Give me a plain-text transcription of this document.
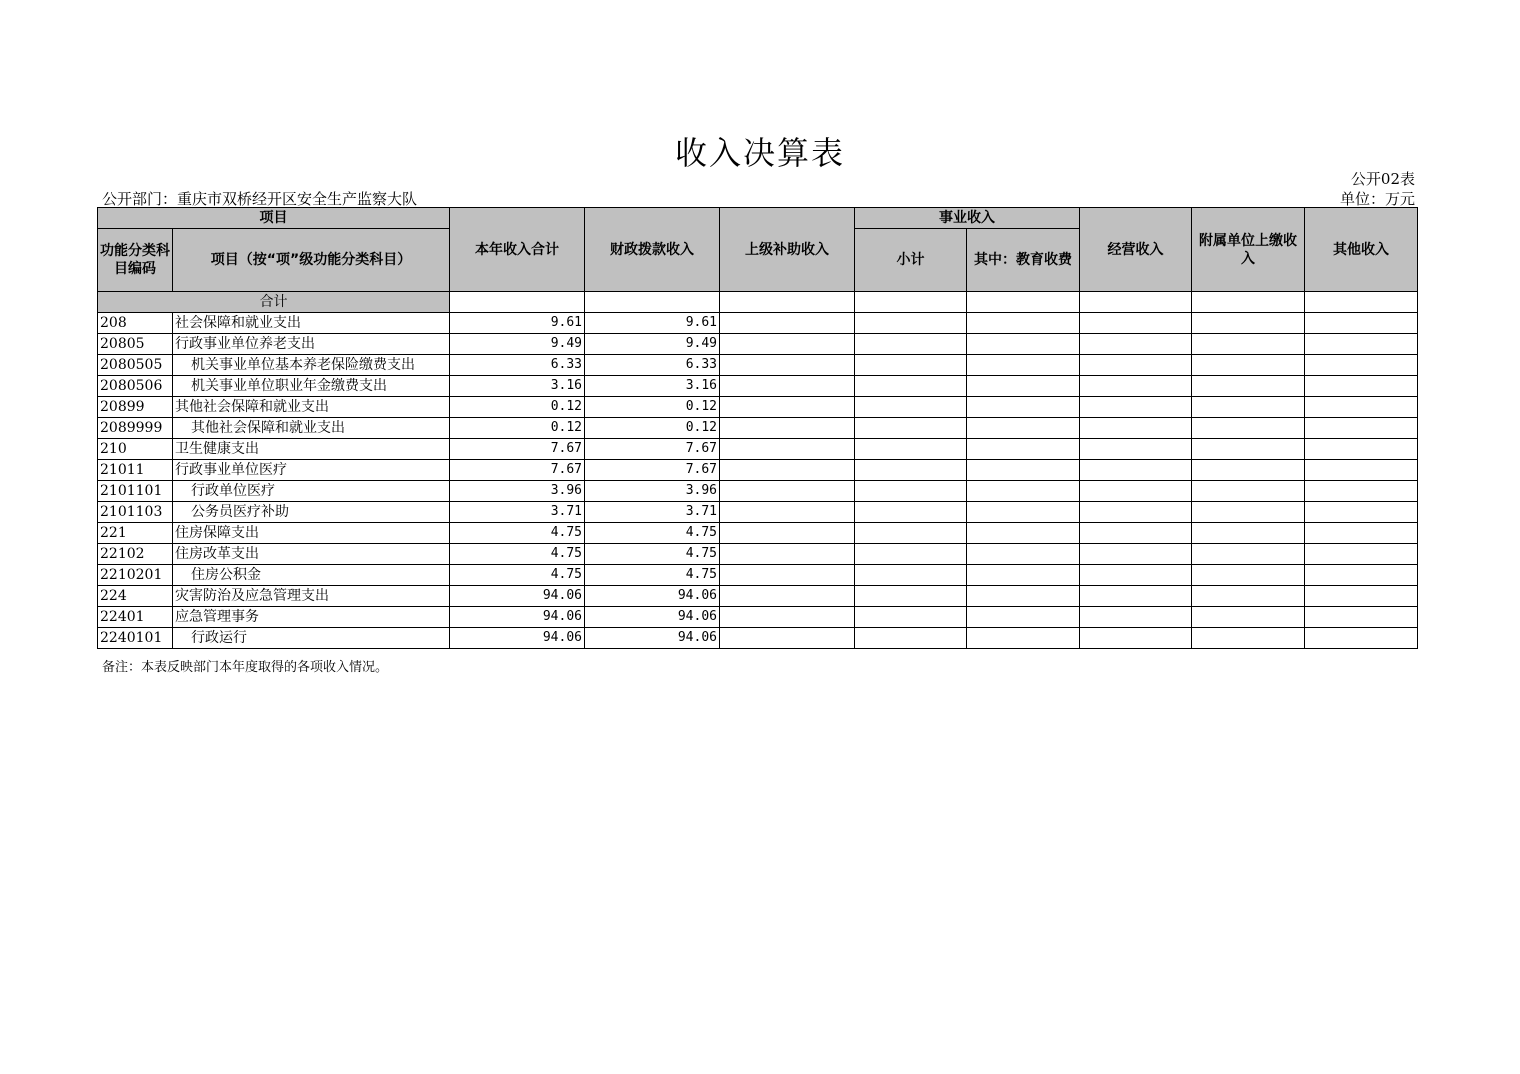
收入决算表
公开02表
公开部门：重庆市双桥经开区安全生产监察大队	单位：万元
项目		本年收入合计	财政拨款收入	上级补助收入	事业收入		经营收入	附属单位上缴收入	其他收入
功能分类科目编码	项目（按“项”级功能分类科目）				小计	其中：教育收费			
合计									
208	社会保障和就业支出	9.61	9.61						
20805	行政事业单位养老支出	9.49	9.49						
2080505	机关事业单位基本养老保险缴费支出	6.33	6.33						
2080506	机关事业单位职业年金缴费支出	3.16	3.16						
20899	其他社会保障和就业支出	0.12	0.12						
2089999	其他社会保障和就业支出	0.12	0.12						
210	卫生健康支出	7.67	7.67						
21011	行政事业单位医疗	7.67	7.67						
2101101	行政单位医疗	3.96	3.96						
2101103	公务员医疗补助	3.71	3.71						
221	住房保障支出	4.75	4.75						
22102	住房改革支出	4.75	4.75						
2210201	住房公积金	4.75	4.75						
224	灾害防治及应急管理支出	94.06	94.06						
22401	应急管理事务	94.06	94.06						
2240101	行政运行	94.06	94.06						
备注：本表反映部门本年度取得的各项收入情况。
